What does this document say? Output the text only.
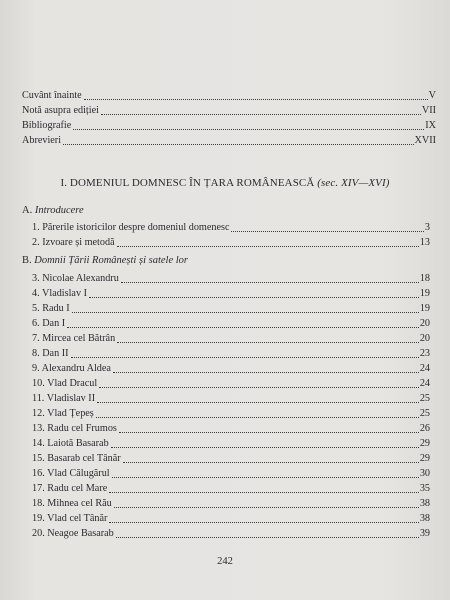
Cuvânt înainte	V
Notă asupra ediției	VII
Bibliografie	IX
Abrevieri	XVII
I. DOMENIUL DOMNESC ÎN ȚARA ROMÂNEASCĂ (sec. XIV—XVI)
A. Introducere
1. Părerile istoricilor despre domeniul domenesc	3
2. Izvoare și metodă	13
B. Domnii Țării Românești și satele lor
3. Nicolae Alexandru	18
4. Vladislav I	19
5. Radu I	19
6. Dan I	20
7. Mircea cel Bătrân	20
8. Dan II	23
9. Alexandru Aldea	24
10. Vlad Dracul	24
11. Vladislav II	25
12. Vlad Țepeș	25
13. Radu cel Frumos	26
14. Laiotă Basarab	29
15. Basarab cel Tânăr	29
16. Vlad Călugărul	30
17. Radu cel Mare	35
18. Mihnea cel Rău	38
19. Vlad cel Tânăr	38
20. Neagoe Basarab	39
242
